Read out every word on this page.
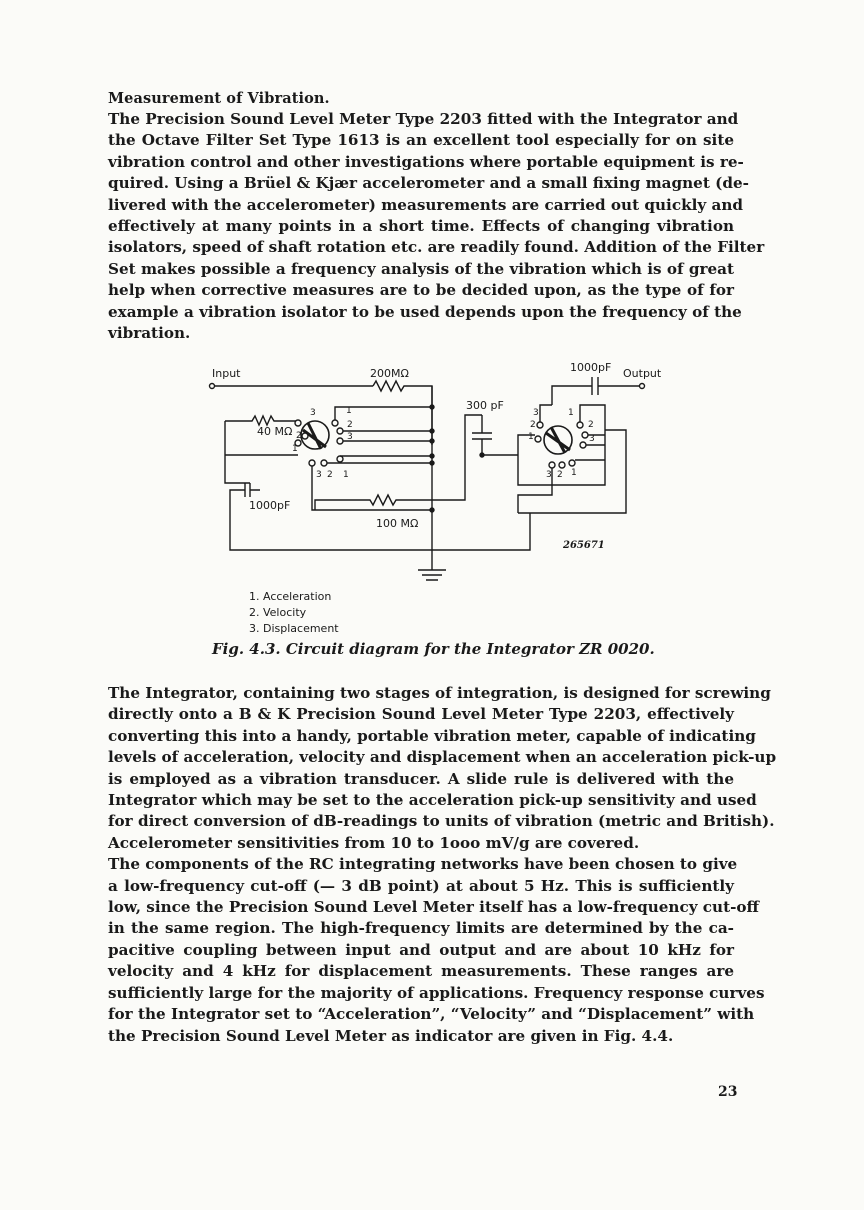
Measurement of Vibration.
The Precision Sound Level Meter Type 2203 fitted with the Integrator and
the Octave Filter Set Type 1613 is an excellent tool especially for on site
vibration control and other investigations where portable equipment is re-
quired. Using a Brüel & Kjær accelerometer and a small fixing magnet (de-
livered with the accelerometer) measurements are carried out quickly and
effectively at many points in a short time. Effects of changing vibration
isolators, speed of shaft rotation etc. are readily found. Addition of the Filter
Set makes possible a frequency analysis of the vibration which is of great
help when corrective measures are to be decided upon, as the type of for
example a vibration isolator to be used depends upon the frequency of the
vibration.
Input	200MΩ
40 MΩ
100 MΩ
1000pF
1000pF Output
300 pF
3	1
2
3
2
1
3 2 1
3	1
2
1
2
3
3 2 1
265671
1. Acceleration
2. Velocity
3. Displacement
Fig. 4.3. Circuit diagram for the Integrator ZR 0020.
The Integrator, containing two stages of integration, is designed for screwing
directly onto a B & K Precision Sound Level Meter Type 2203, effectively
converting this into a handy, portable vibration meter, capable of indicating
levels of acceleration, velocity and displacement when an acceleration pick-up
is employed as a vibration transducer. A slide rule is delivered with the
Integrator which may be set to the acceleration pick-up sensitivity and used
for direct conversion of dB-readings to units of vibration (metric and British).
Accelerometer sensitivities from 10 to 1ooo mV/g are covered.
The components of the RC integrating networks have been chosen to give
a low-frequency cut-off (— 3 dB point) at about 5 Hz. This is sufficiently
low, since the Precision Sound Level Meter itself has a low-frequency cut-off
in the same region. The high-frequency limits are determined by the ca-
pacitive coupling between input and output and are about 10 kHz for
velocity and 4 kHz for displacement measurements. These ranges are
sufficiently large for the majority of applications. Frequency response curves
for the Integrator set to “Acceleration”, “Velocity” and “Displacement” with
the Precision Sound Level Meter as indicator are given in Fig. 4.4.
23
